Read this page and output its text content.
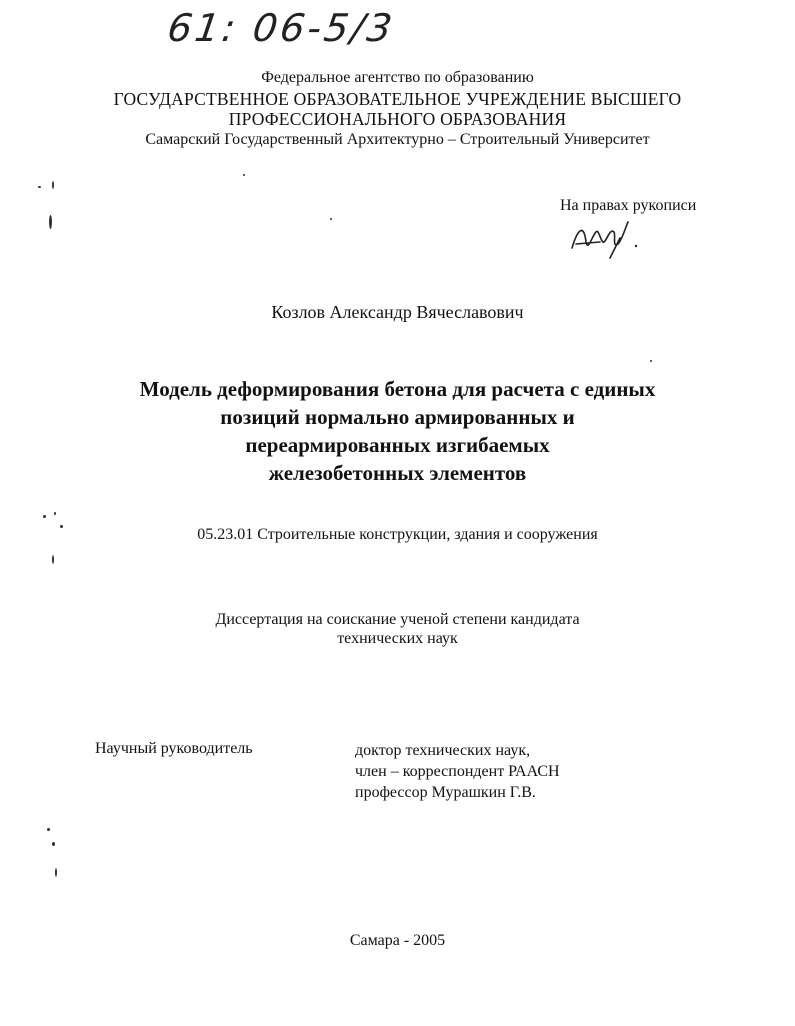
61: 06-5/3
Федеральное агентство по образованию
ГОСУДАРСТВЕННОЕ ОБРАЗОВАТЕЛЬНОЕ УЧРЕЖДЕНИЕ ВЫСШЕГО
ПРОФЕССИОНАЛЬНОГО ОБРАЗОВАНИЯ
Самарский Государственный Архитектурно – Строительный Университет
На правах рукописи
Козлов Александр Вячеславович
Модель деформирования бетона для расчета с единых
позиций нормально армированных и
переармированных изгибаемых
железобетонных элементов
05.23.01 Строительные конструкции, здания и сооружения
Диссертация на соискание ученой степени кандидата
технических наук
Научный руководитель	доктор технических наук,
член – корреспондент РААСН
профессор Мурашкин Г.В.
Самара - 2005
